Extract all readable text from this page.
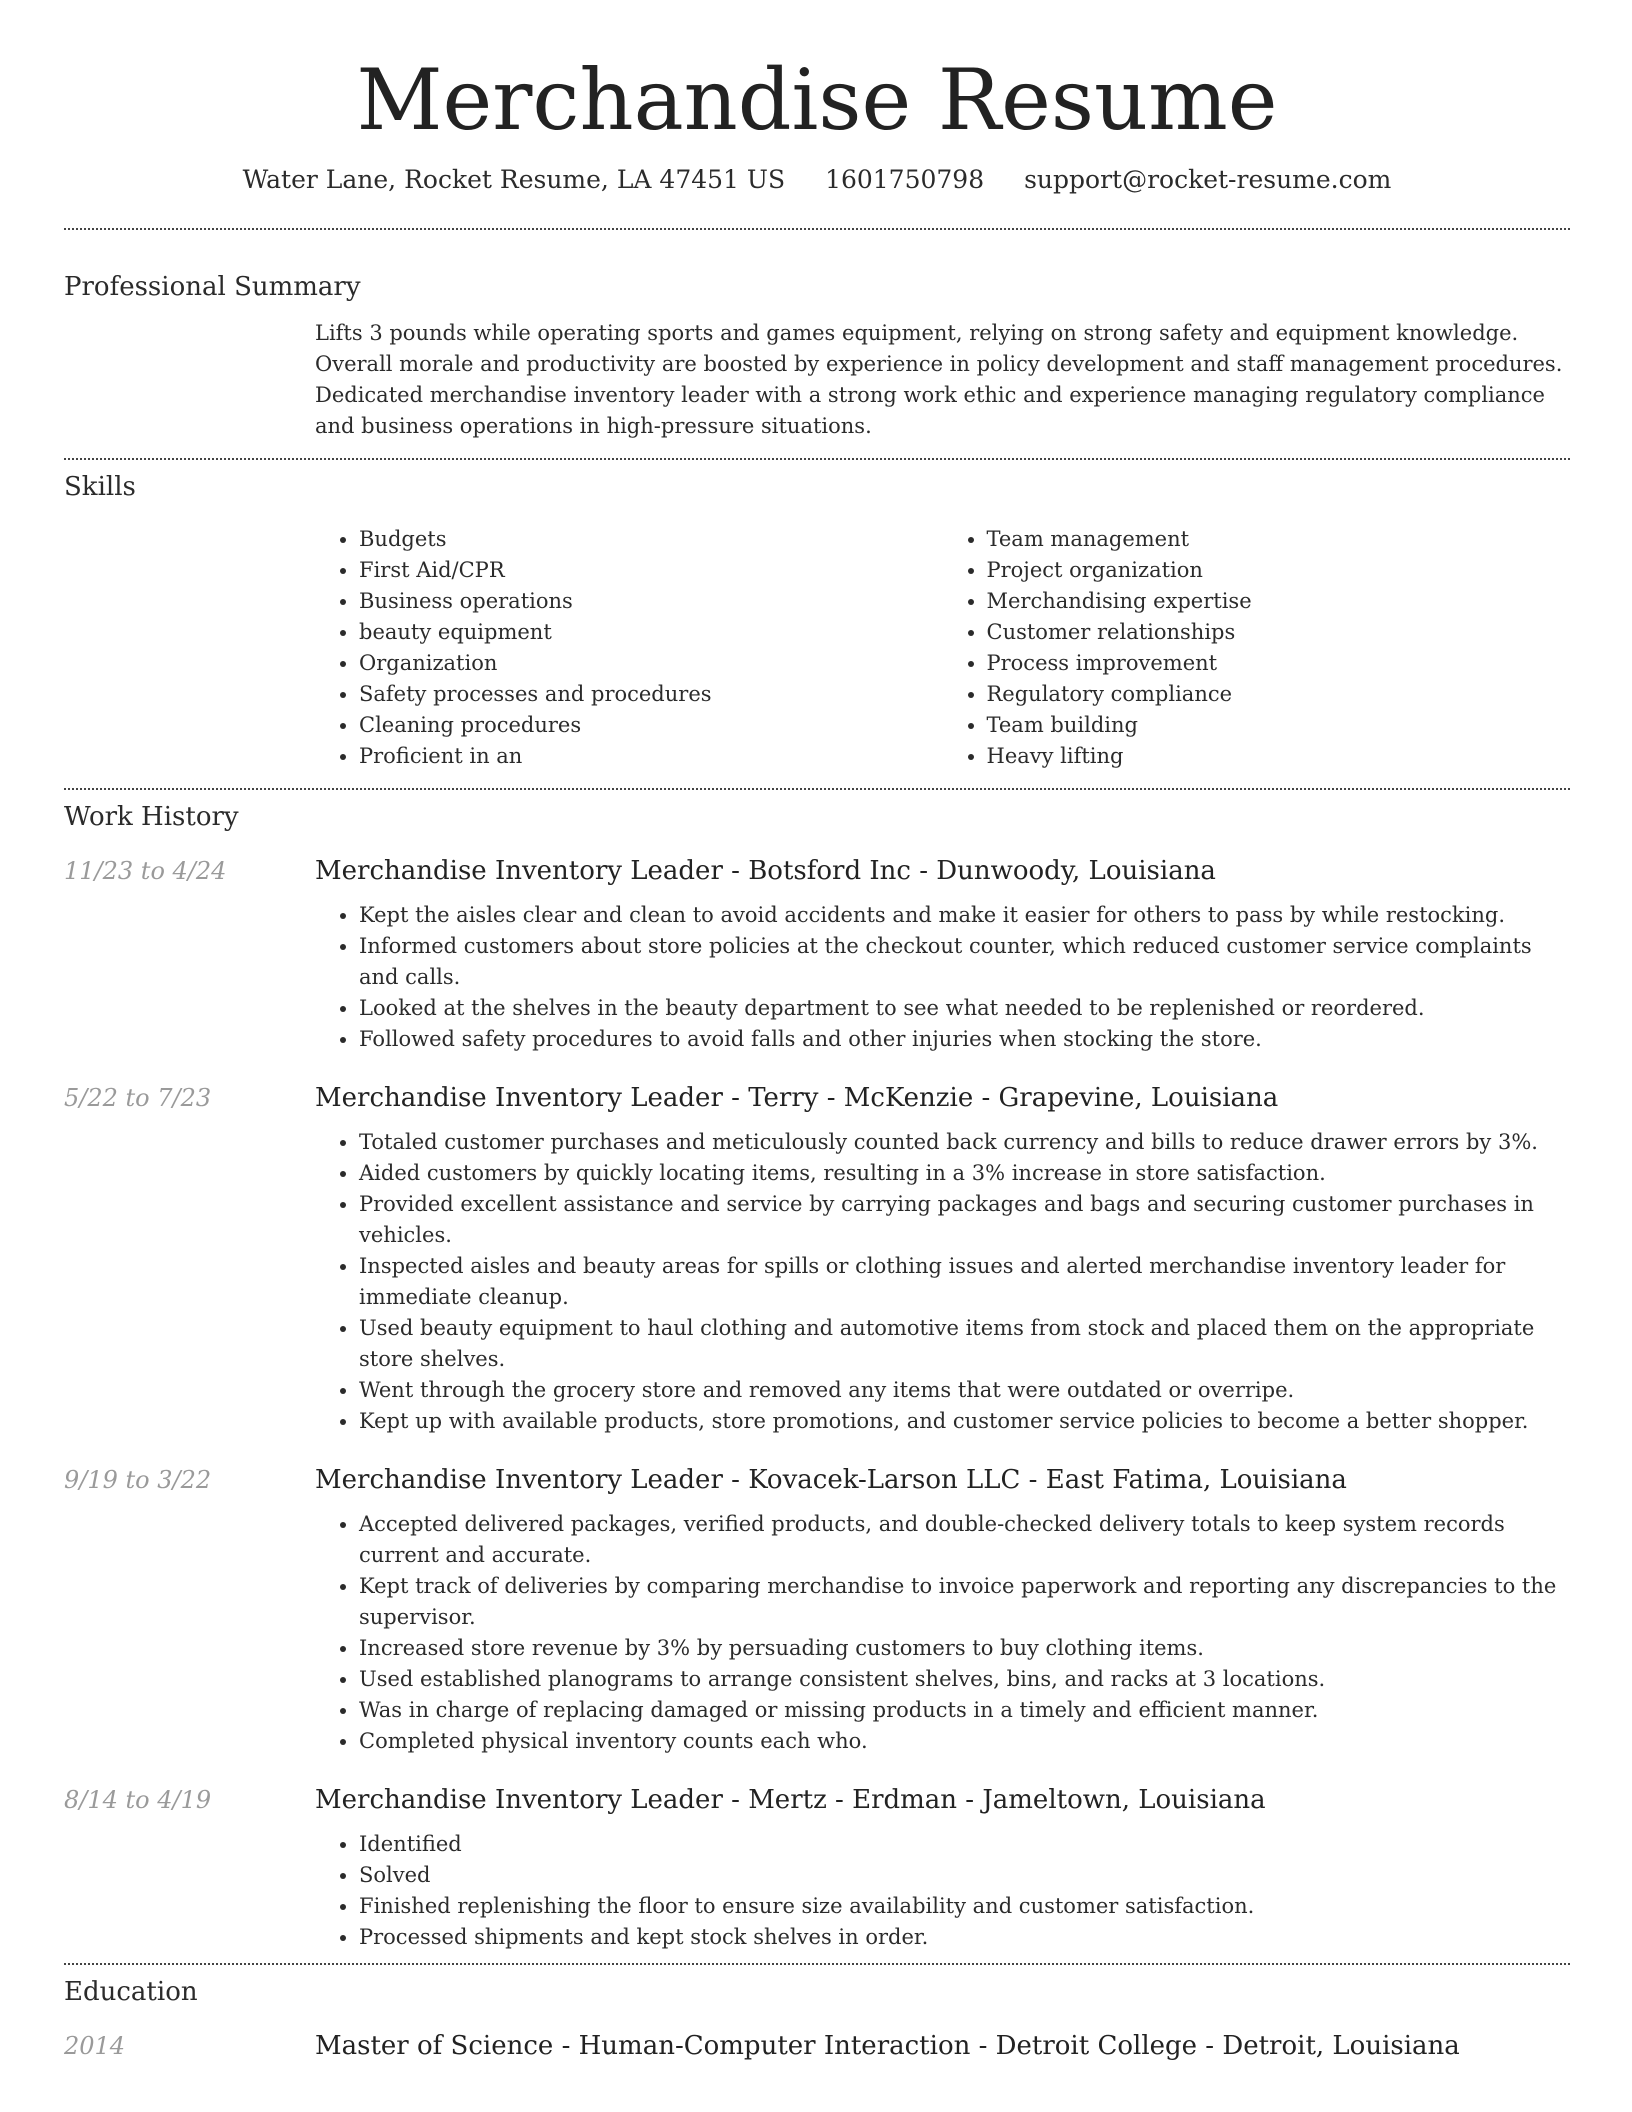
Merchandise Resume
Water Lane, Rocket Resume, LA 47451 US 1601750798 support@rocket-resume.com
Professional Summary
Lifts 3 pounds while operating sports and games equipment, relying on strong safety and equipment knowledge. Overall morale and productivity are boosted by experience in policy development and staff management procedures. Dedicated merchandise inventory leader with a strong work ethic and experience managing regulatory compliance and business operations in high-pressure situations.
Skills
• Budgets
• First Aid/CPR
• Business operations
• beauty equipment
• Organization
• Safety processes and procedures
• Cleaning procedures
• Proficient in an
• Team management
• Project organization
• Merchandising expertise
• Customer relationships
• Process improvement
• Regulatory compliance
• Team building
• Heavy lifting
Work History
11/23 to 4/24	Merchandise Inventory Leader - Botsford Inc - Dunwoody, Louisiana
• Kept the aisles clear and clean to avoid accidents and make it easier for others to pass by while restocking.
• Informed customers about store policies at the checkout counter, which reduced customer service complaints and calls.
• Looked at the shelves in the beauty department to see what needed to be replenished or reordered.
• Followed safety procedures to avoid falls and other injuries when stocking the store.
5/22 to 7/23	Merchandise Inventory Leader - Terry - McKenzie - Grapevine, Louisiana
• Totaled customer purchases and meticulously counted back currency and bills to reduce drawer errors by 3%.
• Aided customers by quickly locating items, resulting in a 3% increase in store satisfaction.
• Provided excellent assistance and service by carrying packages and bags and securing customer purchases in vehicles.
• Inspected aisles and beauty areas for spills or clothing issues and alerted merchandise inventory leader for immediate cleanup.
• Used beauty equipment to haul clothing and automotive items from stock and placed them on the appropriate store shelves.
• Went through the grocery store and removed any items that were outdated or overripe.
• Kept up with available products, store promotions, and customer service policies to become a better shopper.
9/19 to 3/22	Merchandise Inventory Leader - Kovacek-Larson LLC - East Fatima, Louisiana
• Accepted delivered packages, verified products, and double-checked delivery totals to keep system records current and accurate.
• Kept track of deliveries by comparing merchandise to invoice paperwork and reporting any discrepancies to the supervisor.
• Increased store revenue by 3% by persuading customers to buy clothing items.
• Used established planograms to arrange consistent shelves, bins, and racks at 3 locations.
• Was in charge of replacing damaged or missing products in a timely and efficient manner.
• Completed physical inventory counts each who.
8/14 to 4/19	Merchandise Inventory Leader - Mertz - Erdman - Jameltown, Louisiana
• Identified
• Solved
• Finished replenishing the floor to ensure size availability and customer satisfaction.
• Processed shipments and kept stock shelves in order.
Education
2014	Master of Science - Human-Computer Interaction - Detroit College - Detroit, Louisiana
